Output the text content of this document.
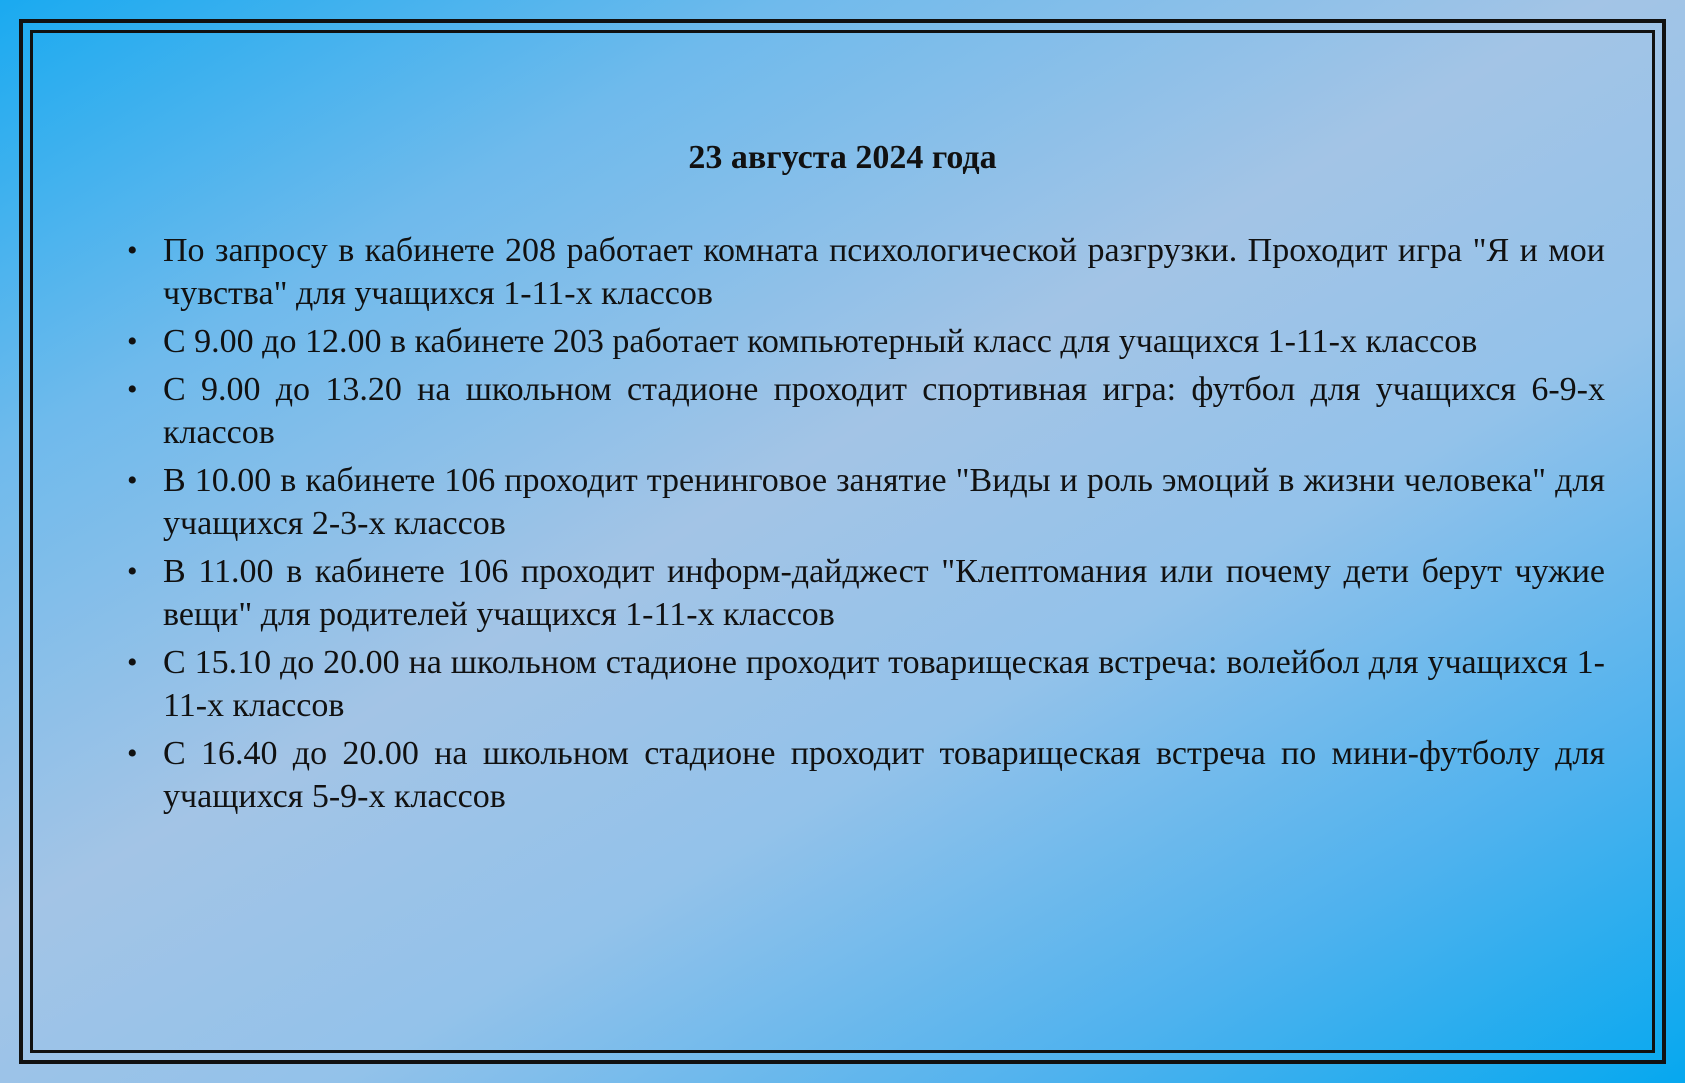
23 августа 2024 года
• По запросу в кабинете 208 работает комната психологической разгрузки. Проходит игра "Я и мои чувства" для учащихся 1-11-х классов
• С 9.00 до 12.00 в кабинете 203 работает компьютерный класс для учащихся 1-11-х классов
• С 9.00 до 13.20 на школьном стадионе проходит спортивная игра: футбол для учащихся 6-9-х классов
• В 10.00 в кабинете 106 проходит тренинговое занятие "Виды и роль эмоций в жизни человека" для учащихся 2-3-х классов
• В 11.00 в кабинете 106 проходит информ-дайджест "Клептомания или почему дети берут чужие вещи" для родителей учащихся 1-11-х классов
• С 15.10 до 20.00 на школьном стадионе проходит товарищеская встреча: волейбол для учащихся 1-11-х классов
• С 16.40 до 20.00 на школьном стадионе проходит товарищеская встреча по мини-футболу для учащихся 5-9-х классов
